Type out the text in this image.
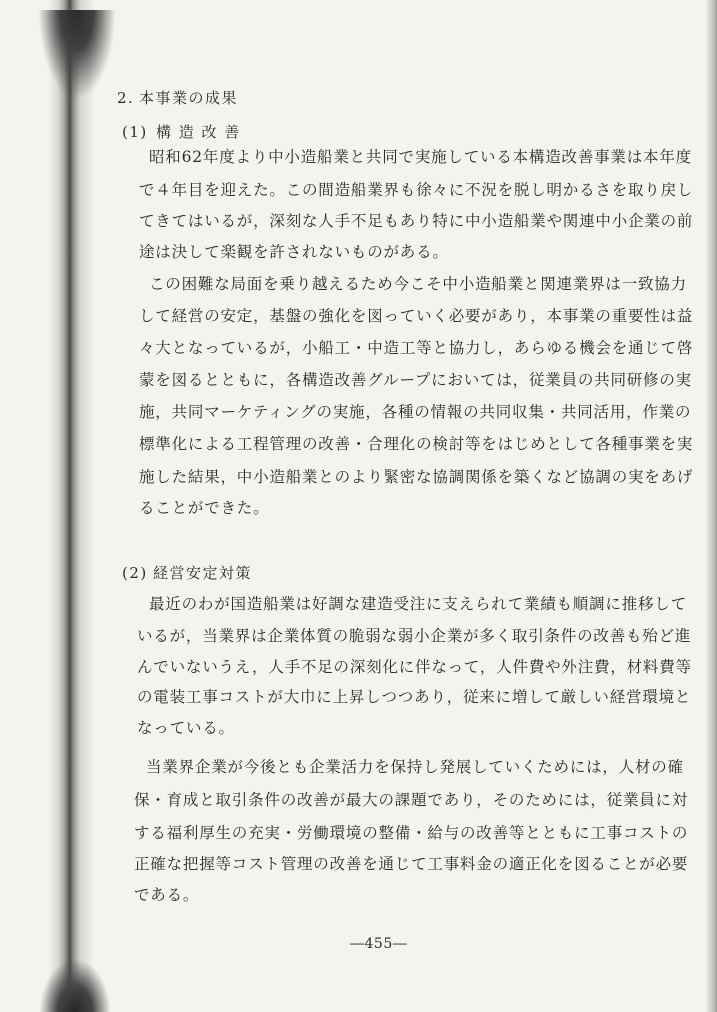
2. 本事業の成果
(1) 構 造 改 善
昭和62年度より中小造船業と共同で実施している本構造改善事業は本年度
で４年目を迎えた。この間造船業界も徐々に不況を脱し明かるさを取り戻し
てきてはいるが，深刻な人手不足もあり特に中小造船業や関連中小企業の前
途は決して楽観を許されないものがある。
この困難な局面を乗り越えるため今こそ中小造船業と関連業界は一致協力
して経営の安定，基盤の強化を図っていく必要があり，本事業の重要性は益
々大となっているが，小船工・中造工等と協力し，あらゆる機会を通じて啓
蒙を図るとともに，各構造改善グループにおいては，従業員の共同研修の実
施，共同マーケティングの実施，各種の情報の共同収集・共同活用，作業の
標準化による工程管理の改善・合理化の検討等をはじめとして各種事業を実
施した結果，中小造船業とのより緊密な協調関係を築くなど協調の実をあげ
ることができた。
(2) 経営安定対策
最近のわが国造船業は好調な建造受注に支えられて業績も順調に推移して
いるが，当業界は企業体質の脆弱な弱小企業が多く取引条件の改善も殆ど進
んでいないうえ，人手不足の深刻化に伴なって，人件費や外注費，材料費等
の電装工事コストが大巾に上昇しつつあり，従来に増して厳しい経営環境と
なっている。
当業界企業が今後とも企業活力を保持し発展していくためには，人材の確
保・育成と取引条件の改善が最大の課題であり，そのためには，従業員に対
する福利厚生の充実・労働環境の整備・給与の改善等とともに工事コストの
正確な把握等コスト管理の改善を通じて工事料金の適正化を図ることが必要
である。
―455―
